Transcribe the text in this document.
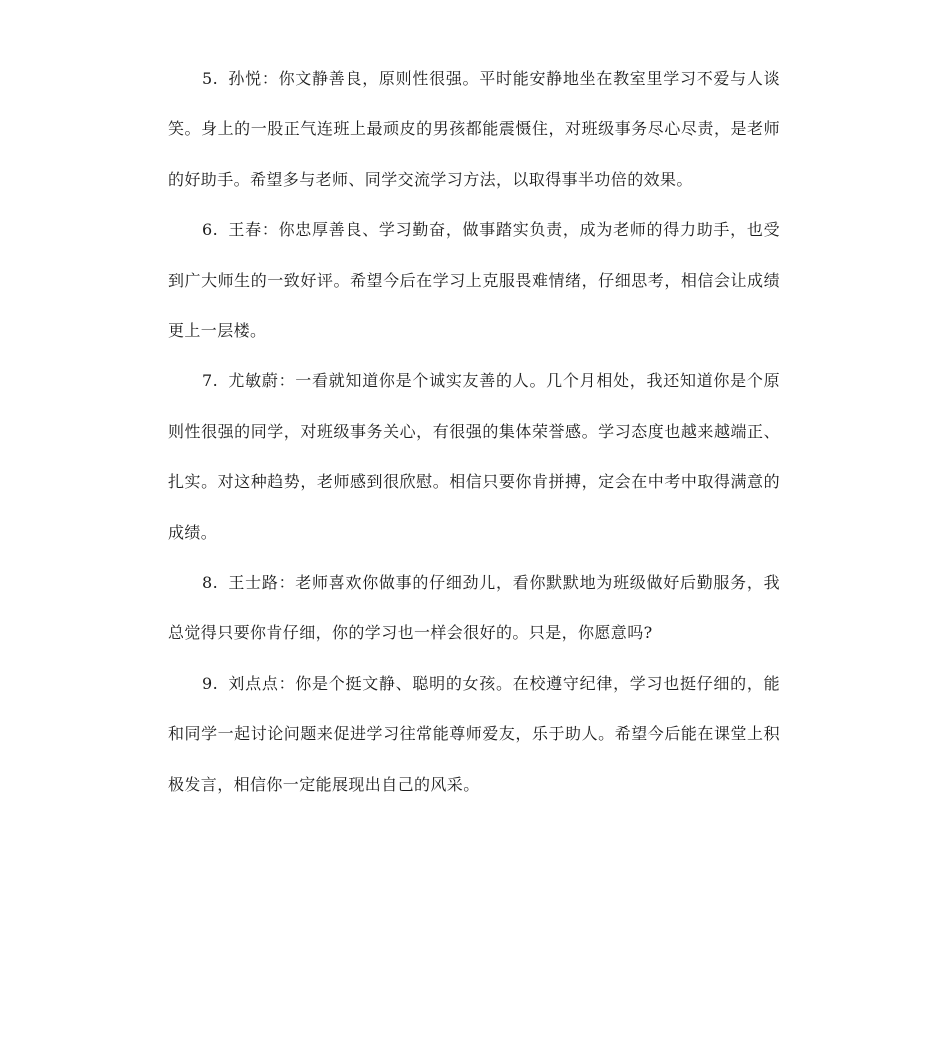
5. 孙悦：你文静善良，原则性很强。平时能安静地坐在教室里学习不爱与人谈笑。身上的一股正气连班上最顽皮的男孩都能震慑住，对班级事务尽心尽责，是老师的好助手。希望多与老师、同学交流学习方法，以取得事半功倍的效果。

6. 王春：你忠厚善良、学习勤奋，做事踏实负责，成为老师的得力助手，也受到广大师生的一致好评。希望今后在学习上克服畏难情绪，仔细思考，相信会让成绩更上一层楼。

7. 尤敏蔚：一看就知道你是个诚实友善的人。几个月相处，我还知道你是个原则性很强的同学，对班级事务关心，有很强的集体荣誉感。学习态度也越来越端正、扎实。对这种趋势，老师感到很欣慰。相信只要你肯拼搏，定会在中考中取得满意的成绩。

8. 王士路：老师喜欢你做事的仔细劲儿，看你默默地为班级做好后勤服务，我总觉得只要你肯仔细，你的学习也一样会很好的。只是，你愿意吗?

9. 刘点点：你是个挺文静、聪明的女孩。在校遵守纪律，学习也挺仔细的，能和同学一起讨论问题来促进学习往常能尊师爱友，乐于助人。希望今后能在课堂上积极发言，相信你一定能展现出自己的风采。
